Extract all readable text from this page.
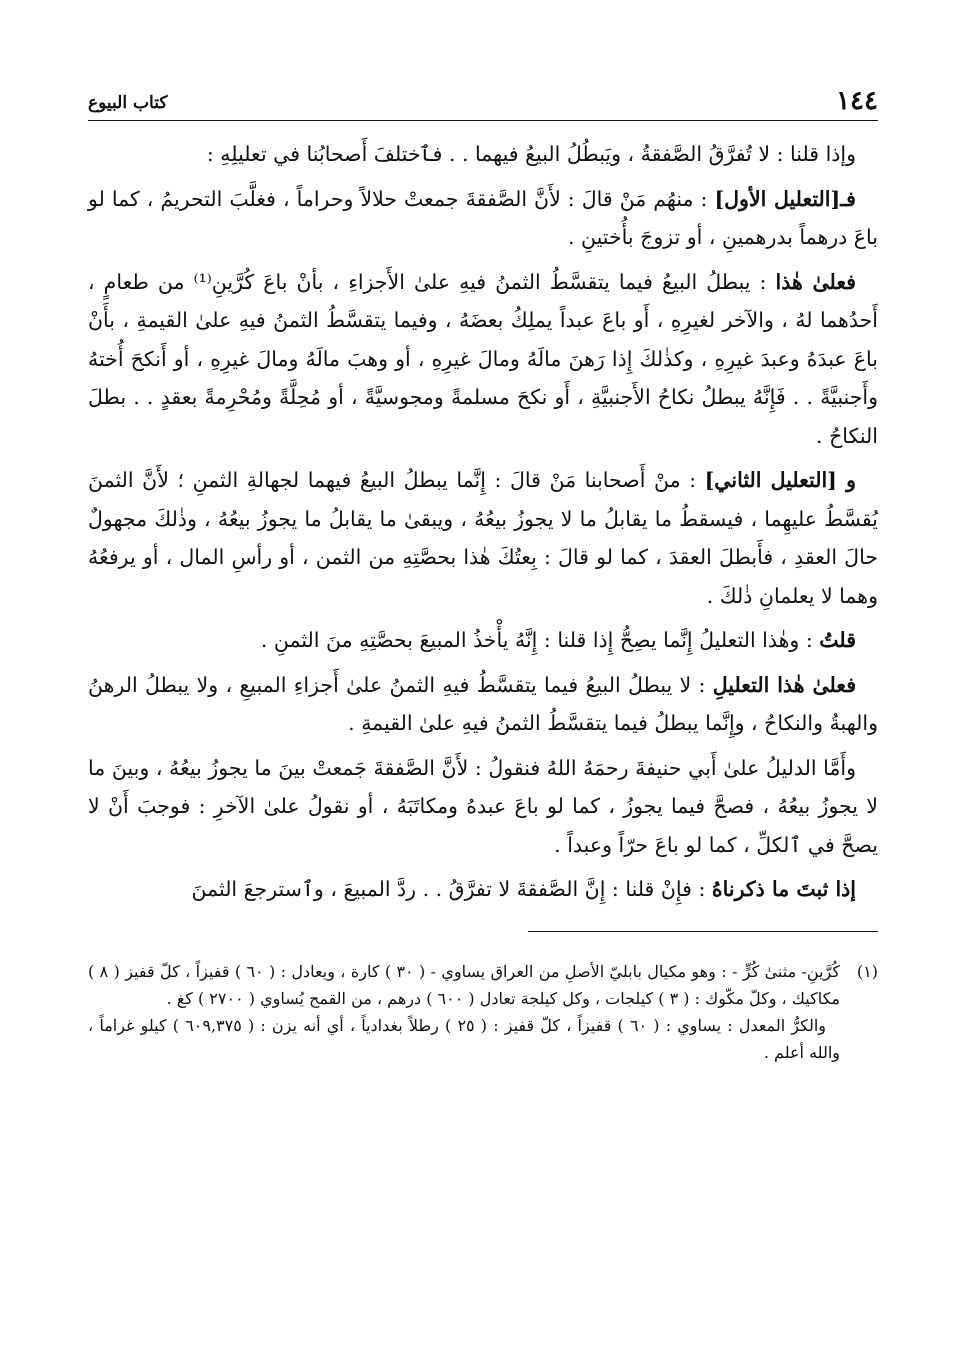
١٤٤
كتاب البيوع

وإذا قلنا : لا تُفرَّقُ الصَّفقةُ ، ويَبطُلُ البيعُ فيهما . . فٱختلفَ أَصحابُنا في تعليلِهِ :

فـ[التعليل الأول] : منهُم مَنْ قالَ : لأَنَّ الصَّفقةَ جمعتْ حلالاً وحراماً ، فغلَّبَ التحريمُ ، كما لو باعَ درهماً بدرهمينِ ، أو تزوجَ بأُختينِ .

فعلىٰ هٰذا : يبطلُ البيعُ فيما يتقسَّطُ الثمنُ فيهِ علىٰ الأَجزاءِ ، بأنْ باعَ كُرَّينِ⁽¹⁾ من طعامٍ ، أَحدُهما لهُ ، والآخر لغيرِهِ ، أَو باعَ عبداً يملِكُ بعضَهُ ، وفيما يتقسَّطُ الثمنُ فيهِ علىٰ القيمةِ ، بأَنْ باعَ عبدَهُ وعبدَ غيرِهِ ، وكذٰلكَ إِذا رَهنَ مالَهُ ومالَ غيرِهِ ، أو وهبَ مالَهُ ومالَ غيرِهِ ، أو أَنكحَ أُختهُ وأَجنبيَّةً . . فَإِنَّهُ يبطلُ نكاحُ الأَجنبيَّةِ ، أَو نكحَ مسلمةً ومجوسيَّةً ، أو مُحِلَّةً ومُحْرِمةً بعقدٍ . . بطلَ النكاحُ .

و [التعليل الثاني] : منْ أَصحابنا مَنْ قالَ : إِنَّما يبطلُ البيعُ فيهما لجهالةِ الثمنِ ؛ لأَنَّ الثمنَ يُقسَّطُ عليهِما ، فيسقطُ ما يقابلُ ما لا يجوزُ بيعُهُ ، ويبقىٰ ما يقابلُ ما يجوزُ بيعُهُ ، وذٰلكَ مجهولٌ حالَ العقدِ ، فأَبطلَ العقدَ ، كما لو قالَ : بِعتُكَ هٰذا بحصَّتِهِ من الثمن ، أو رأسِ المال ، أو يرفعُهُ وهما لا يعلمانِ ذٰلكَ .

قلتُ : وهٰذا التعليلُ إِنَّما يصِحُّ إِذا قلنا : إِنَّهُ يأْخذُ المبيعَ بحصَّتِهِ منَ الثمنِ .

فعلىٰ هٰذا التعليلِ : لا يبطلُ البيعُ فيما يتقسَّطُ فيهِ الثمنُ علىٰ أَجزاءِ المبيعِ ، ولا يبطلُ الرهنُ والهبةُ والنكاحُ ، وإِنَّما يبطلُ فيما يتقسَّطُ الثمنُ فيهِ علىٰ القيمةِ .

وأَمَّا الدليلُ علىٰ أَبي حنيفةَ رحمَهُ اللهُ فنقولُ : لأَنَّ الصَّفقةَ جَمعتْ بينَ ما يجوزُ بيعُهُ ، وبينَ ما لا يجوزُ بيعُهُ ، فصحَّ فيما يجوزُ ، كما لو باعَ عبدهُ ومكاتَبَهُ ، أو نقولُ علىٰ الآخرِ : فوجبَ أَنْ لا يصحَّ في ٱلكلِّ ، كما لو باعَ حرّاً وعبداً .

إذا ثبتَ ما ذكرناهُ : فإِنْ قلنا : إِنَّ الصَّفقةَ لا تفرَّقُ . . ردَّ المبيعَ ، وٱسترجعَ الثمنَ

(١)

كُرَّينِ- مثنىٰ كُرٍّ - : وهو مكيال بابليّ الأصلِ من العراق يساوي - ( ٣٠ ) كارة ، ويعادل : ( ٦٠ ) قفيزاً ، كلّ قفيز ( ٨ ) مكاكيك ، وكلّ مكّوك : ( ٣ ) كيلجات ، وكل كيلجة تعادل ( ٦٠٠ ) درهم ، من القمح يُساوي ( ٢٧٠٠ ) كغ .

والكرُّ المعدل : يساوي : ( ٦٠ ) قفيزاً ، كلّ قفيز : ( ٢٥ ) رطلاً بغدادياً ، أي أنه يزن : ( ٦٠٩,٣٧٥ ) كيلو غراماً ، والله أعلم .
